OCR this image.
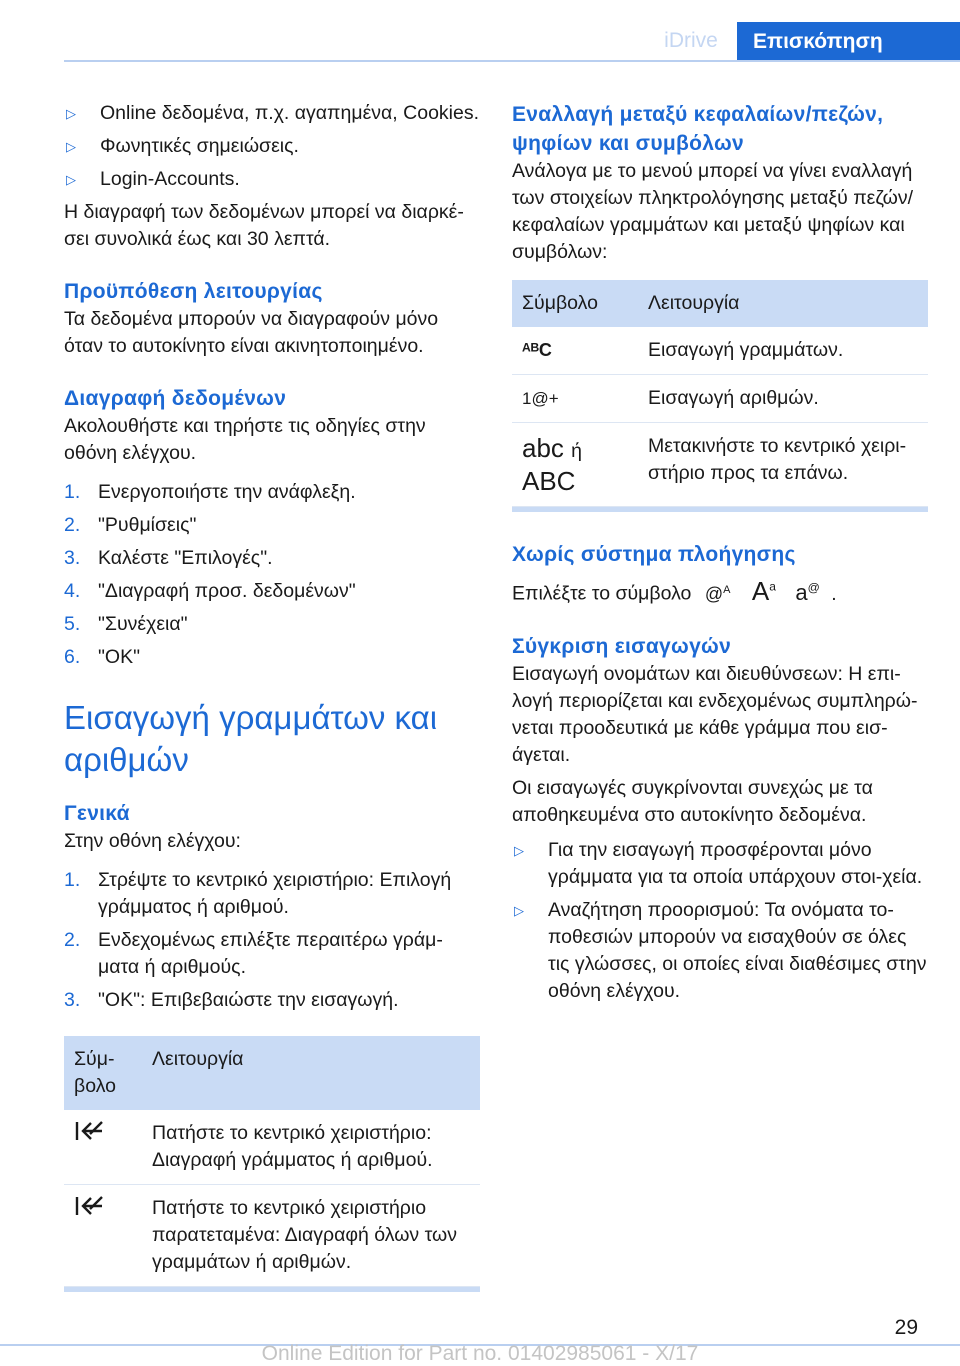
iDrive	Επισκόπηση
▷	Online δεδομένα, π.χ. αγαπημένα, Cookies.
▷	Φωνητικές σημειώσεις.
▷	Login-Accounts.

Η διαγραφή των δεδομένων μπορεί να διαρκέ‐σει συνολικά έως και 30 λεπτά.

Προϋπόθεση λειτουργίας

Τα δεδομένα μπορούν να διαγραφούν μόνο όταν το αυτοκίνητο είναι ακινητοποιημένο.

Διαγραφή δεδομένων

Ακολουθήστε και τηρήστε τις οδηγίες στην οθόνη ελέγχου.

1. Ενεργοποιήστε την ανάφλεξη.
2. "Ρυθμίσεις"
3. Καλέστε "Επιλογές".
4. "Διαγραφή προσ. δεδομένων"
5. "Συνέχεια"
6. "OK"
Εισαγωγή γραμμάτων και αριθμών
Γενικά

Στην οθόνη ελέγχου:

1. Στρέψτε το κεντρικό χειριστήριο: Επιλογή γράμματος ή αριθμού.
2. Ενδεχομένως επιλέξτε περαιτέρω γράμ‐ματα ή αριθμούς.
3. "OK": Επιβεβαιώστε την εισαγωγή.
Σύμ‐βολο	Λειτουργία
	Πατήστε το κεντρικό χειριστήριο: Διαγραφή γράμματος ή αριθμού.
	Πατήστε το κεντρικό χειριστήριο παρατεταμένα: Διαγραφή όλων των γραμμάτων ή αριθμών.
Εναλλαγή μεταξύ κεφαλαίων/πεζών, ψηφίων και συμβόλων

Ανάλογα με το μενού μπορεί να γίνει εναλλαγή των στοιχείων πληκτρολόγησης μεταξύ πεζών/κεφαλαίων γραμμάτων και μεταξύ ψηφίων και συμβόλων:

Σύμβολο	Λειτουργία
ᴬᴮC	Εισαγωγή γραμμάτων.
1@+	Εισαγωγή αριθμών.

abc ή
ABC	Μετακινήστε το κεντρικό χειρι‐στήριο προς τα επάνω.
Χωρίς σύστημα πλοήγησης

Επιλέξτε το σύμβολο @$^A$ $A^a$ a@ .

Σύγκριση εισαγωγών

Εισαγωγή ονομάτων και διευθύνσεων: Η επι‐λογή περιορίζεται και ενδεχομένως συμπληρώ‐νεται προοδευτικά με κάθε γράμμα που εισ‐άγεται.

Οι εισαγωγές συγκρίνονται συνεχώς με τα αποθηκευμένα στο αυτοκίνητο δεδομένα.

▷	Για την εισαγωγή προσφέρονται μόνο γράμματα για τα οποία υπάρχουν στοι‐χεία.
▷	Αναζήτηση προορισμού: Τα ονόματα το‐ποθεσιών μπορούν να εισαχθούν σε όλες τις γλώσσες, οι οποίες είναι διαθέσιμες στην οθόνη ελέγχου.
29
Online Edition for Part no. 01402985061 - X/17
